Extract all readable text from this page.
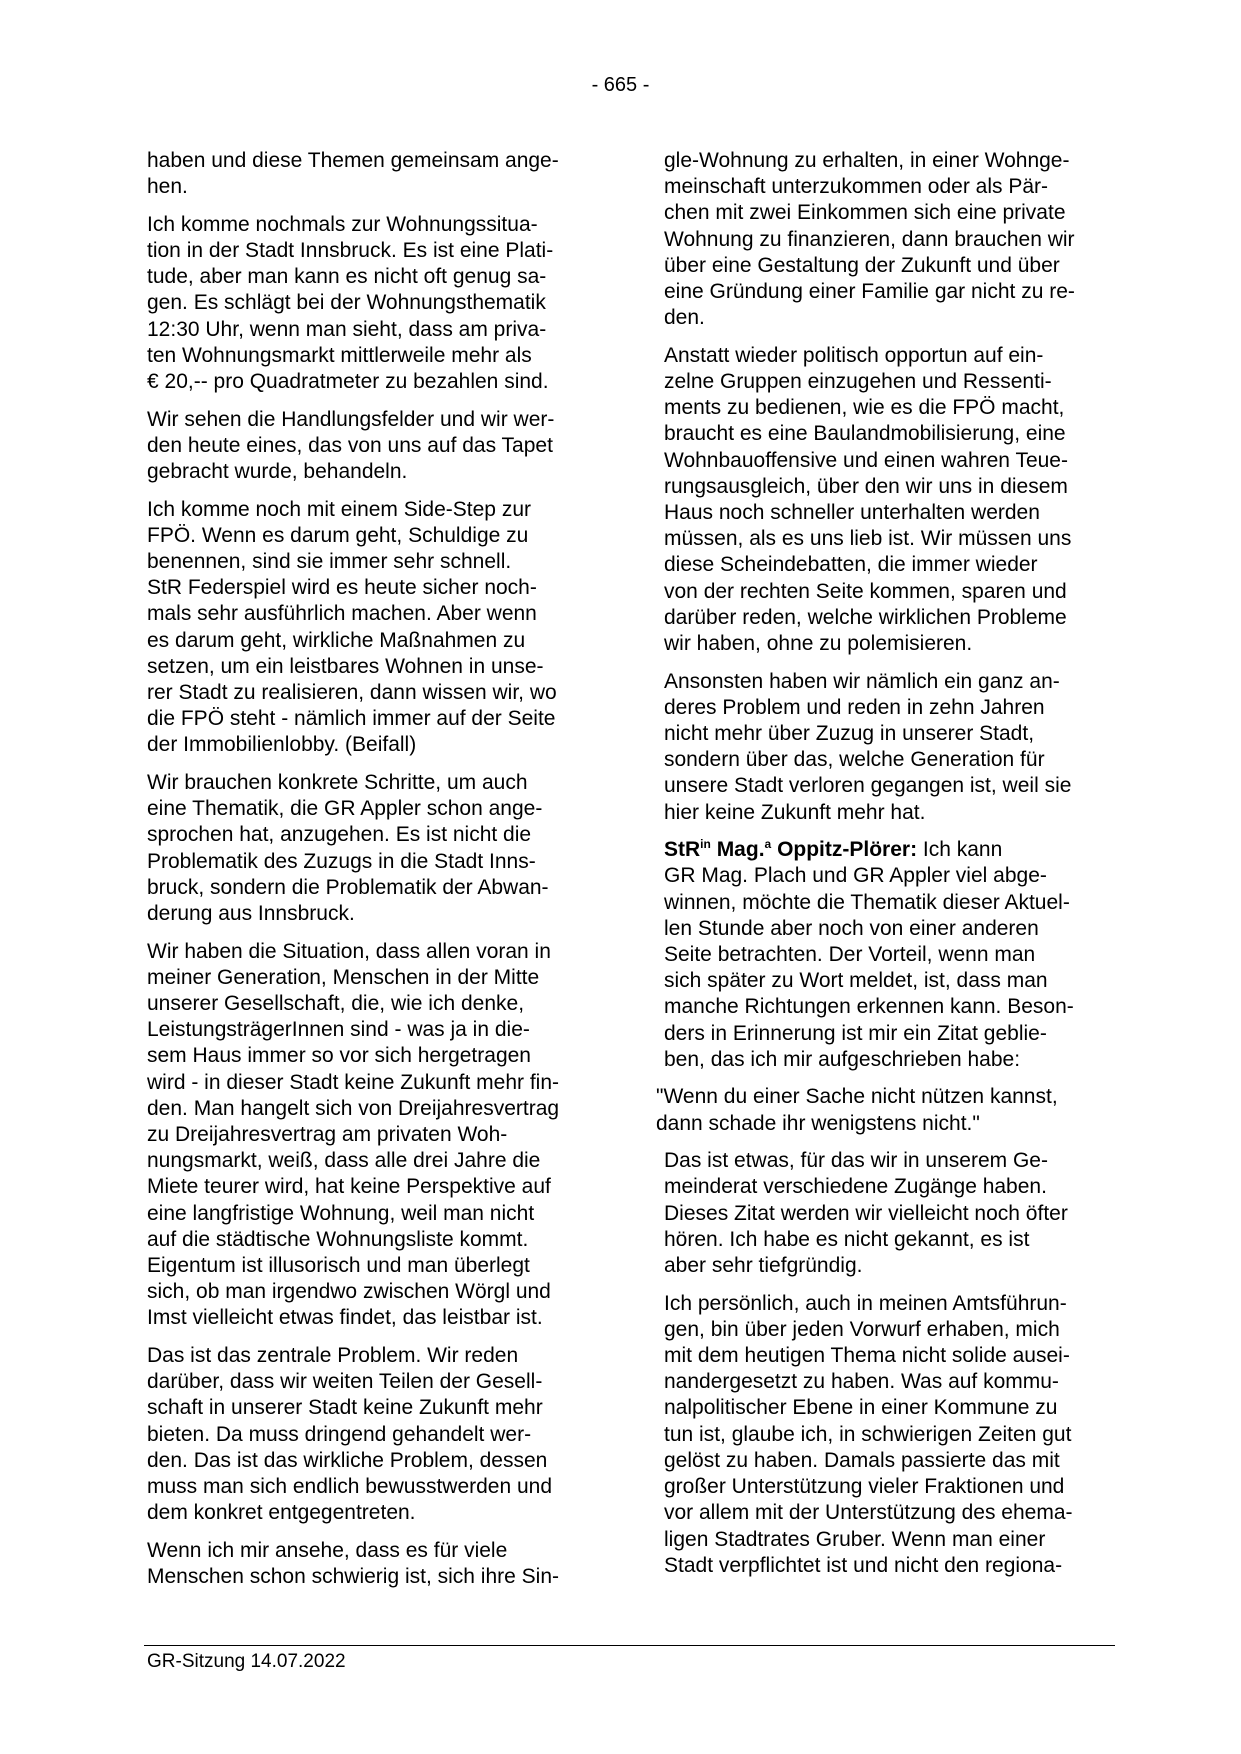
- 665 -

haben und diese Themen gemeinsam ange-
hen.

Ich komme nochmals zur Wohnungssitua-
tion in der Stadt Innsbruck. Es ist eine Plati-
tude, aber man kann es nicht oft genug sa-
gen. Es schlägt bei der Wohnungsthematik
12:30 Uhr, wenn man sieht, dass am priva-
ten Wohnungsmarkt mittlerweile mehr als
€ 20,-- pro Quadratmeter zu bezahlen sind.

Wir sehen die Handlungsfelder und wir wer-
den heute eines, das von uns auf das Tapet
gebracht wurde, behandeln.

Ich komme noch mit einem Side-Step zur
FPÖ. Wenn es darum geht, Schuldige zu
benennen, sind sie immer sehr schnell.
StR Federspiel wird es heute sicher noch-
mals sehr ausführlich machen. Aber wenn
es darum geht, wirkliche Maßnahmen zu
setzen, um ein leistbares Wohnen in unse-
rer Stadt zu realisieren, dann wissen wir, wo
die FPÖ steht - nämlich immer auf der Seite
der Immobilienlobby. (Beifall)

Wir brauchen konkrete Schritte, um auch
eine Thematik, die GR Appler schon ange-
sprochen hat, anzugehen. Es ist nicht die
Problematik des Zuzugs in die Stadt Inns-
bruck, sondern die Problematik der Abwan-
derung aus Innsbruck.

Wir haben die Situation, dass allen voran in
meiner Generation, Menschen in der Mitte
unserer Gesellschaft, die, wie ich denke,
LeistungsträgerInnen sind - was ja in die-
sem Haus immer so vor sich hergetragen
wird - in dieser Stadt keine Zukunft mehr fin-
den. Man hangelt sich von Dreijahresvertrag
zu Dreijahresvertrag am privaten Woh-
nungsmarkt, weiß, dass alle drei Jahre die
Miete teurer wird, hat keine Perspektive auf
eine langfristige Wohnung, weil man nicht
auf die städtische Wohnungsliste kommt.
Eigentum ist illusorisch und man überlegt
sich, ob man irgendwo zwischen Wörgl und
Imst vielleicht etwas findet, das leistbar ist.

Das ist das zentrale Problem. Wir reden
darüber, dass wir weiten Teilen der Gesell-
schaft in unserer Stadt keine Zukunft mehr
bieten. Da muss dringend gehandelt wer-
den. Das ist das wirkliche Problem, dessen
muss man sich endlich bewusstwerden und
dem konkret entgegentreten.

Wenn ich mir ansehe, dass es für viele
Menschen schon schwierig ist, sich ihre Sin-

gle-Wohnung zu erhalten, in einer Wohnge-
meinschaft unterzukommen oder als Pär-
chen mit zwei Einkommen sich eine private
Wohnung zu finanzieren, dann brauchen wir
über eine Gestaltung der Zukunft und über
eine Gründung einer Familie gar nicht zu re-
den.

Anstatt wieder politisch opportun auf ein-
zelne Gruppen einzugehen und Ressenti-
ments zu bedienen, wie es die FPÖ macht,
braucht es eine Baulandmobilisierung, eine
Wohnbauoffensive und einen wahren Teue-
rungsausgleich, über den wir uns in diesem
Haus noch schneller unterhalten werden
müssen, als es uns lieb ist. Wir müssen uns
diese Scheindebatten, die immer wieder
von der rechten Seite kommen, sparen und
darüber reden, welche wirklichen Probleme
wir haben, ohne zu polemisieren.

Ansonsten haben wir nämlich ein ganz an-
deres Problem und reden in zehn Jahren
nicht mehr über Zuzug in unserer Stadt,
sondern über das, welche Generation für
unsere Stadt verloren gegangen ist, weil sie
hier keine Zukunft mehr hat.

StR$^{in}$ Mag.$^a$ Oppitz-Plörer: Ich kann
GR Mag. Plach und GR Appler viel abge-
winnen, möchte die Thematik dieser Aktuel-
len Stunde aber noch von einer anderen
Seite betrachten. Der Vorteil, wenn man
sich später zu Wort meldet, ist, dass man
manche Richtungen erkennen kann. Beson-
ders in Erinnerung ist mir ein Zitat geblie-
ben, das ich mir aufgeschrieben habe:

"Wenn du einer Sache nicht nützen kannst,
dann schade ihr wenigstens nicht."

Das ist etwas, für das wir in unserem Ge-
meinderat verschiedene Zugänge haben.
Dieses Zitat werden wir vielleicht noch öfter
hören. Ich habe es nicht gekannt, es ist
aber sehr tiefgründig.

Ich persönlich, auch in meinen Amtsführun-
gen, bin über jeden Vorwurf erhaben, mich
mit dem heutigen Thema nicht solide ausei-
nandergesetzt zu haben. Was auf kommu-
nalpolitischer Ebene in einer Kommune zu
tun ist, glaube ich, in schwierigen Zeiten gut
gelöst zu haben. Damals passierte das mit
großer Unterstützung vieler Fraktionen und
vor allem mit der Unterstützung des ehema-
ligen Stadtrates Gruber. Wenn man einer
Stadt verpflichtet ist und nicht den regiona-

GR-Sitzung 14.07.2022
